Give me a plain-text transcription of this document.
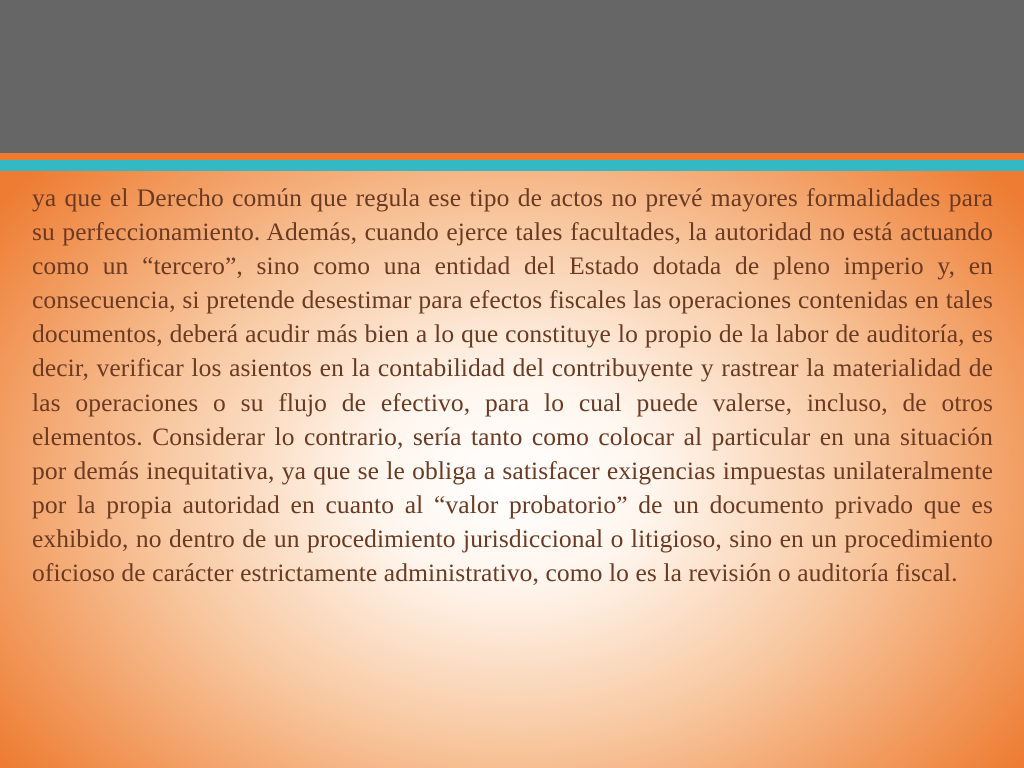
ya que el Derecho común que regula ese tipo de actos no prevé mayores formalidades para su perfeccionamiento. Además, cuando ejerce tales facultades, la autoridad no está actuando como un “tercero”, sino como una entidad del Estado dotada de pleno imperio y, en consecuencia, si pretende desestimar para efectos fiscales las operaciones contenidas en tales documentos, deberá acudir más bien a lo que constituye lo propio de la labor de auditoría, es decir, verificar los asientos en la contabilidad del contribuyente y rastrear la materialidad de las operaciones o su flujo de efectivo, para lo cual puede valerse, incluso, de otros elementos. Considerar lo contrario, sería tanto como colocar al particular en una situación por demás inequitativa, ya que se le obliga a satisfacer exigencias impuestas unilateralmente por la propia autoridad en cuanto al “valor probatorio” de un documento privado que es exhibido, no dentro de un procedimiento jurisdiccional o litigioso, sino en un procedimiento oficioso de carácter estrictamente administrativo, como lo es la revisión o auditoría fiscal.
